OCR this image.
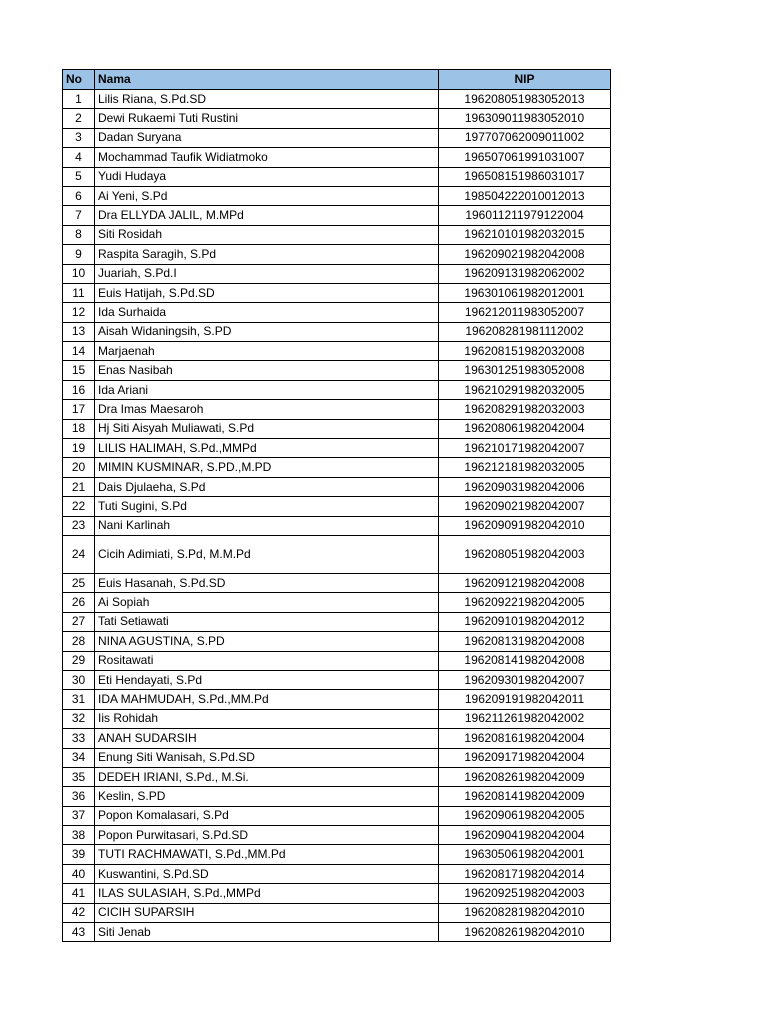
No	Nama	NIP
1	Lilis Riana, S.Pd.SD	196208051983052013
2	Dewi Rukaemi Tuti Rustini	196309011983052010
3	Dadan Suryana	197707062009011002
4	Mochammad Taufik Widiatmoko	196507061991031007
5	Yudi Hudaya	196508151986031017
6	Ai Yeni, S.Pd	198504222010012013
7	Dra ELLYDA JALIL, M.MPd	196011211979122004
8	Siti Rosidah	196210101982032015
9	Raspita Saragih, S.Pd	196209021982042008
10	Juariah, S.Pd.I	196209131982062002
11	Euis Hatijah, S.Pd.SD	196301061982012001
12	Ida Surhaida	196212011983052007
13	Aisah Widaningsih, S.PD	196208281981112002
14	Marjaenah	196208151982032008
15	Enas Nasibah	196301251983052008
16	Ida Ariani	196210291982032005
17	Dra Imas Maesaroh	196208291982032003
18	Hj Siti Aisyah Muliawati, S.Pd	196208061982042004
19	LILIS HALIMAH, S.Pd.,MMPd	196210171982042007
20	MIMIN KUSMINAR, S.PD.,M.PD	196212181982032005
21	Dais Djulaeha, S.Pd	196209031982042006
22	Tuti Sugini, S.Pd	196209021982042007
23	Nani Karlinah	196209091982042010
24	Cicih Adimiati, S.Pd, M.M.Pd	196208051982042003
25	Euis Hasanah, S.Pd.SD	196209121982042008
26	Ai Sopiah	196209221982042005
27	Tati Setiawati	196209101982042012
28	NINA AGUSTINA, S.PD	196208131982042008
29	Rositawati	196208141982042008
30	Eti Hendayati, S.Pd	196209301982042007
31	IDA MAHMUDAH, S.Pd.,MM.Pd	196209191982042011
32	Iis Rohidah	196211261982042002
33	ANAH SUDARSIH	196208161982042004
34	Enung Siti Wanisah, S.Pd.SD	196209171982042004
35	DEDEH IRIANI, S.Pd., M.Si.	196208261982042009
36	Keslin, S.PD	196208141982042009
37	Popon Komalasari, S.Pd	196209061982042005
38	Popon Purwitasari, S.Pd.SD	196209041982042004
39	TUTI RACHMAWATI, S.Pd.,MM.Pd	196305061982042001
40	Kuswantini, S.Pd.SD	196208171982042014
41	ILAS SULASIAH, S.Pd.,MMPd	196209251982042003
42	CICIH SUPARSIH	196208281982042010
43	Siti Jenab	196208261982042010
